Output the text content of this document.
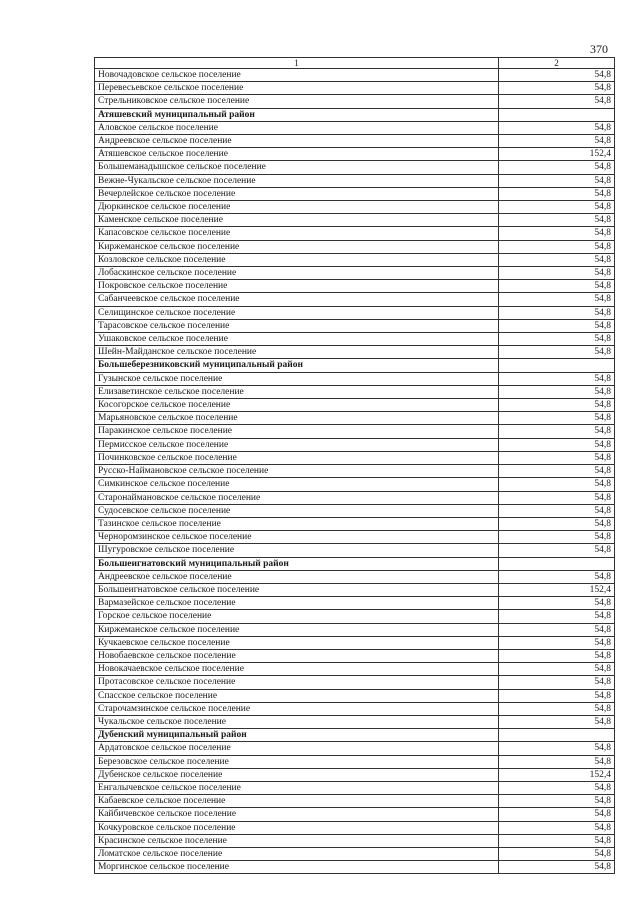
370
1	2
Новочадовское сельское поселение	54,8
Перевесьевское сельское поселение	54,8
Стрельниковское сельское поселение	54,8
Атяшевский муниципальный район	
Аловское сельское поселение	54,8
Андреевское сельское поселение	54,8
Атяшевское сельское поселение	152,4
Большеманадышское сельское поселение	54,8
Вежне-Чукальское сельское поселение	54,8
Вечерлейское сельское поселение	54,8
Дюркинское сельское поселение	54,8
Каменское сельское поселение	54,8
Капасовское сельское поселение	54,8
Киржеманское сельское поселение	54,8
Козловское сельское поселение	54,8
Лобаскинское сельское поселение	54,8
Покровское сельское поселение	54,8
Сабанчеевское сельское поселение	54,8
Селищинское сельское поселение	54,8
Тарасовское сельское поселение	54,8
Ушаковское сельское поселение	54,8
Шейн-Майданское сельское поселение	54,8
Большеберезниковский муниципальный район	
Гузынское сельское поселение	54,8
Елизаветинское сельское поселение	54,8
Косогорское сельское поселение	54,8
Марьяновское сельское поселение	54,8
Паракинское сельское поселение	54,8
Пермисское сельское поселение	54,8
Починковское сельское поселение	54,8
Русско-Наймановское сельское поселение	54,8
Симкинское сельское поселение	54,8
Старонаймановское сельское поселение	54,8
Судосевское сельское поселение	54,8
Тазинское сельское поселение	54,8
Черноромзинское сельское поселение	54,8
Шугуровское сельское поселение	54,8
Большеигнатовский муниципальный район	
Андреевское сельское поселение	54,8
Большеигнатовское сельское поселение	152,4
Вармазейское сельское поселение	54,8
Горское сельское поселение	54,8
Киржеманское сельское поселение	54,8
Кучкаевское сельское поселение	54,8
Новобаевское сельское поселение	54,8
Новокачаевское сельское поселение	54,8
Протасовское сельское поселение	54,8
Спасское сельское поселение	54,8
Старочамзинское сельское поселение	54,8
Чукальское сельское поселение	54,8
Дубенский муниципальный район	
Ардатовское сельское поселение	54,8
Березовское сельское поселение	54,8
Дубенское сельское поселение	152,4
Енгалычевское сельское поселение	54,8
Кабаевское сельское поселение	54,8
Кайбичевское сельское поселение	54,8
Кочкуровское сельское поселение	54,8
Красинское сельское поселение	54,8
Ломатское сельское поселение	54,8
Моргинское сельское поселение	54,8
